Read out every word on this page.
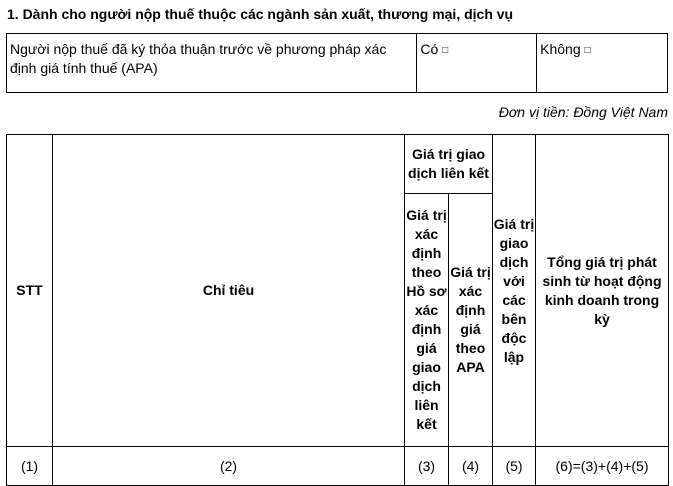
1. Dành cho người nộp thuế thuộc các ngành sản xuất, thương mại, dịch vụ
Người nộp thuế đã ký thỏa thuận trước về phương pháp xác định giá tính thuế (APA)	Có □	Không □
Đơn vị tiền: Đồng Việt Nam
STT	Chỉ tiêu	Giá trị giao dịch liên kết		Giá trị giao dịch với các bên độc lập	Tổng giá trị phát sinh từ hoạt động kinh doanh trong kỳ
		Giá trị xác định theo Hồ sơ xác định giá giao dịch liên kết	Giá trị xác định giá theo APA		
(1)	(2)	(3)	(4)	(5)	(6)=(3)+(4)+(5)
